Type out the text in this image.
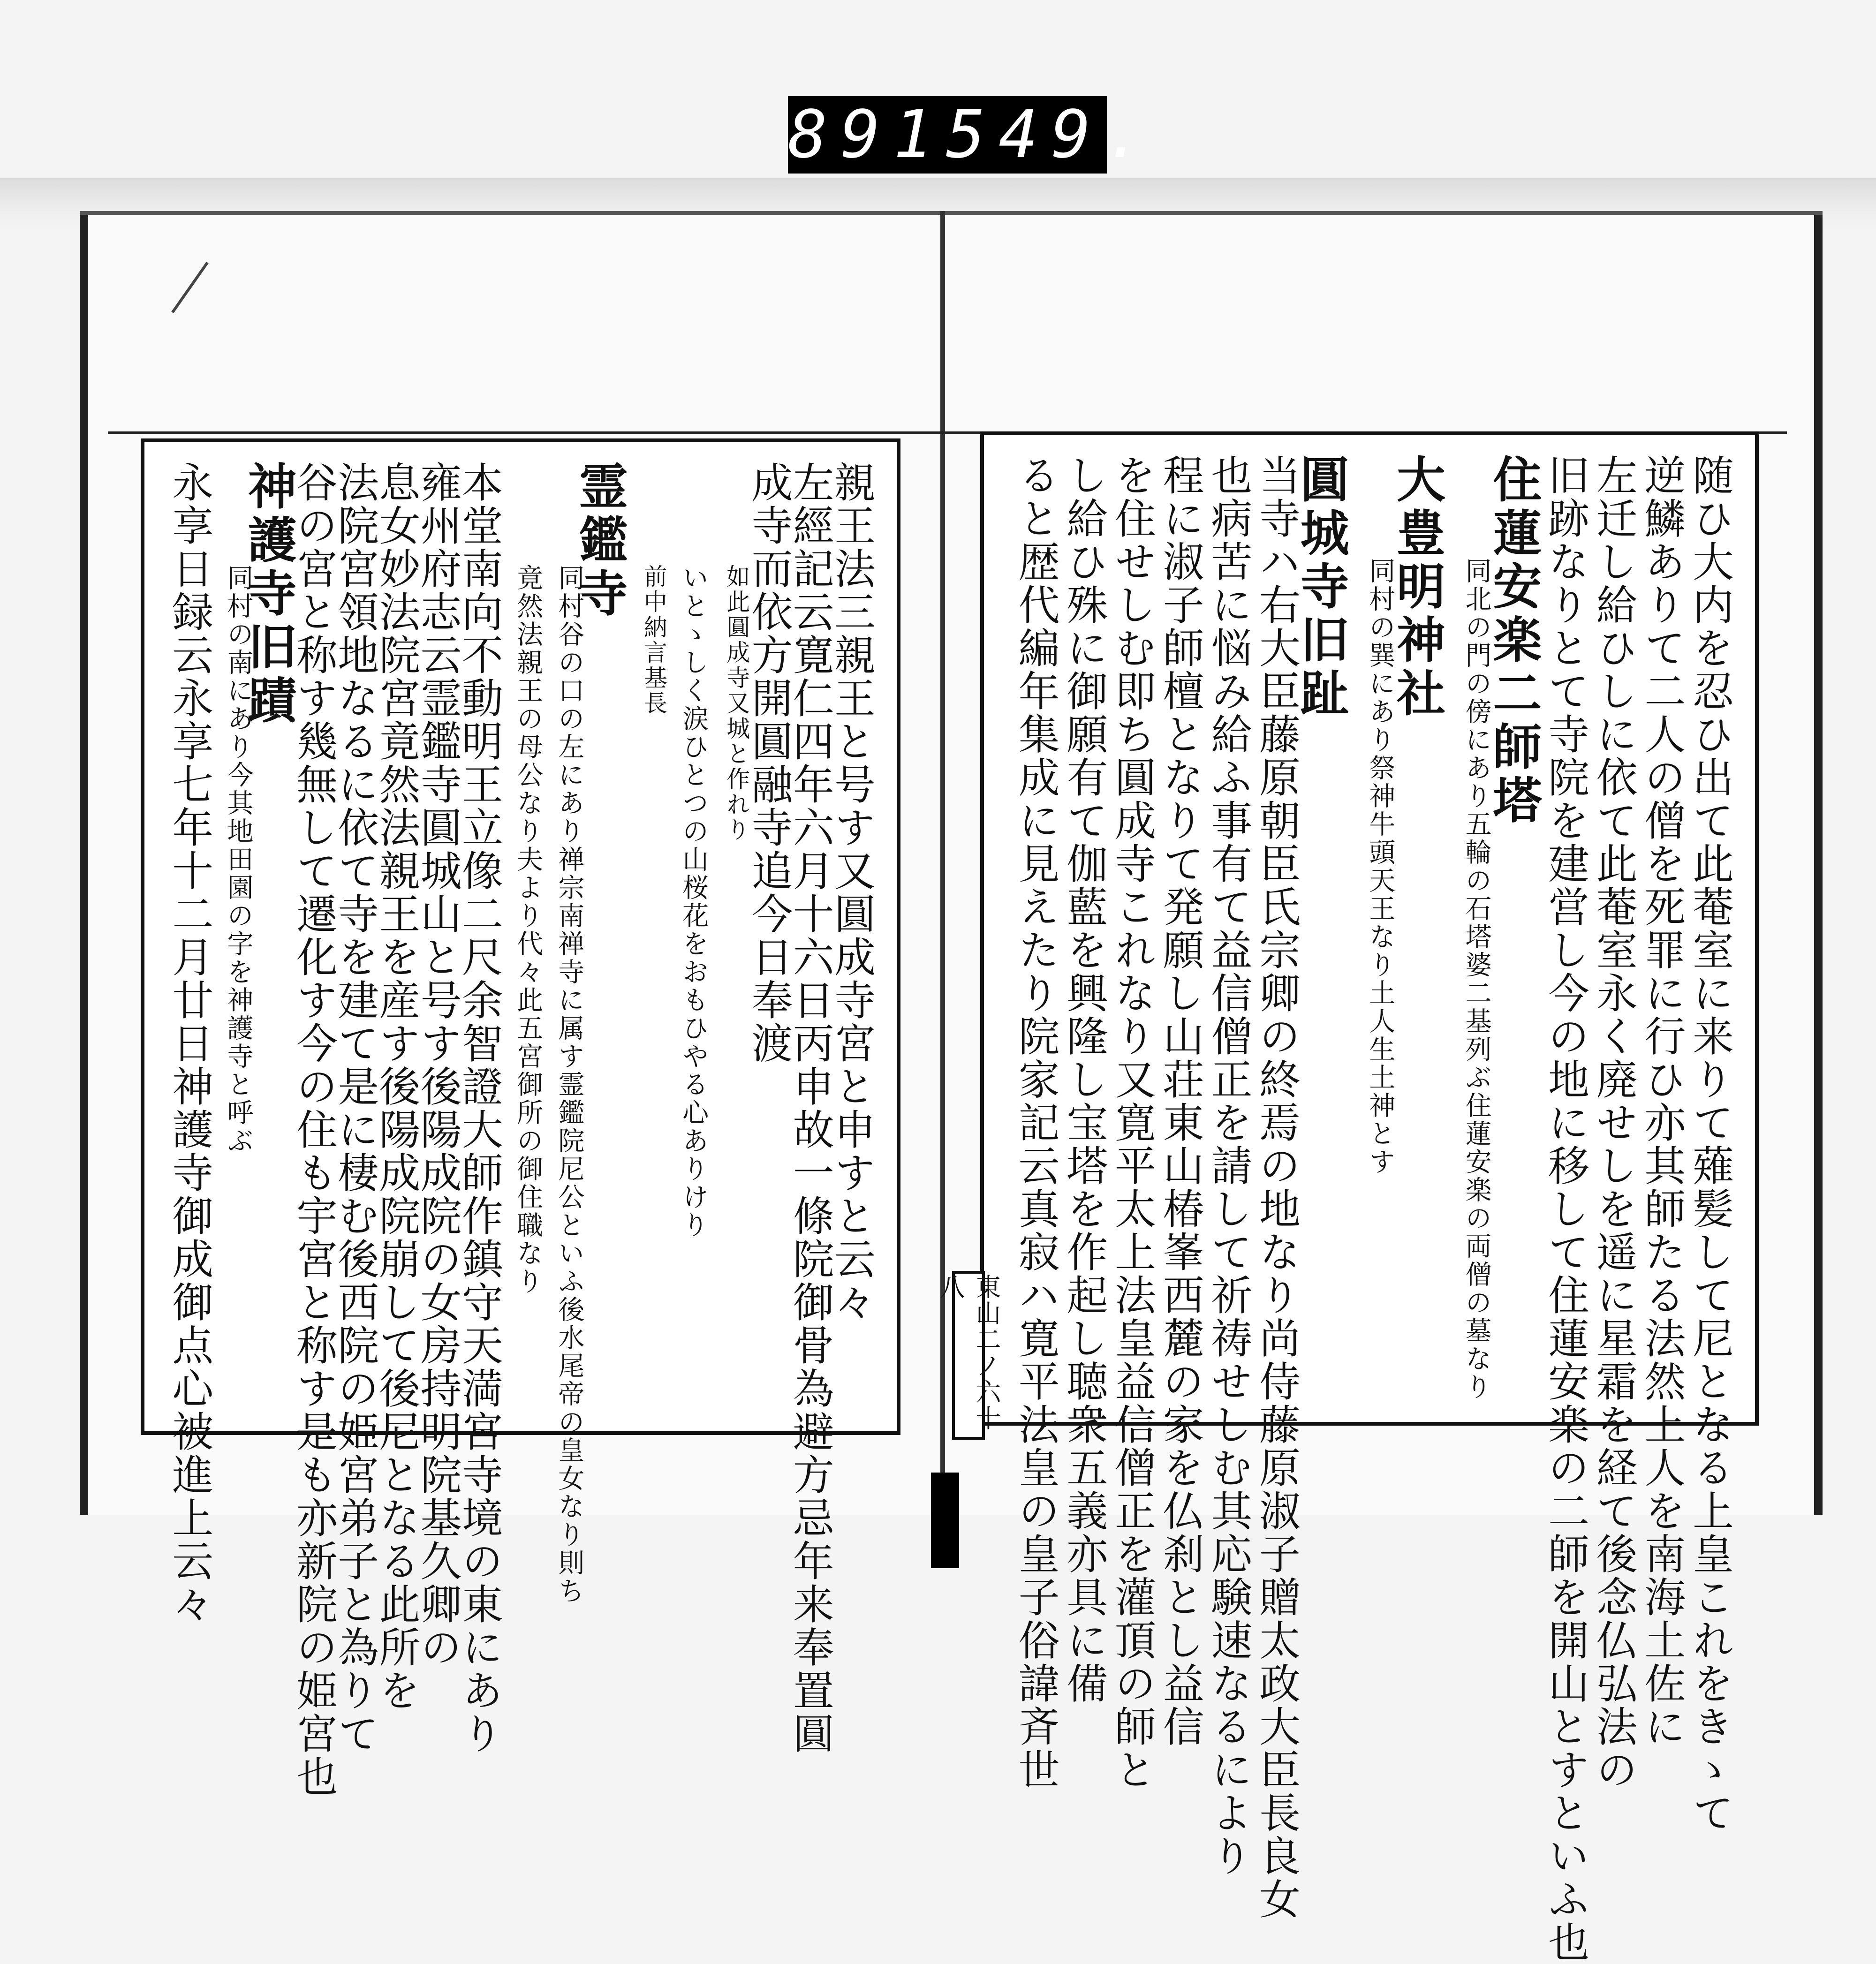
891 549.
親王法三親王と号す又圓成寺宮と申すと云々
左經記云寛仁四年六月十六日丙申故一條院御骨為避方忌年来奉置圓
成寺而依方開圓融寺追今日奉渡
如此圓成寺又城と作れり
いとゝしく涙ひとつの山桜花をおもひやる心ありけり
前中納言基長
霊鑑寺
同村谷の口の左にあり禅宗南禅寺に属す霊鑑院尼公といふ後水尾帝の皇女なり則ち
竟然法親王の母公なり夫より代々此五宮御所の御住職なり
本堂南向不動明王立像二尺余智證大師作鎮守天満宮寺境の東にあり
雍州府志云霊鑑寺圓城山と号す後陽成院の女房持明院基久卿の
息女妙法院宮竟然法親王を産す後陽成院崩して後尼となる此所を
法院宮領地なるに依て寺を建て是に棲む後西院の姫宮弟子と為りて
谷の宮と称す幾無して遷化す今の住も宇宮と称す是も亦新院の姫宮也
神護寺旧蹟
同村の南にあり今其地田園の字を神護寺と呼ぶ
永享日録云永享七年十二月廿日神護寺御成御点心被進上云々	随ひ大内を忍ひ出て此菴室に来りて薙髪して尼となる上皇これをきゝて
逆鱗ありて二人の僧を死罪に行ひ亦其師たる法然上人を南海土佐に
左迁し給ひしに依て此菴室永く廃せしを遥に星霜を経て後念仏弘法の
旧跡なりとて寺院を建営し今の地に移して住蓮安楽の二師を開山とすといふ也
住蓮安楽二師塔
同北の門の傍にあり五輪の石塔婆二基列ぶ住蓮安楽の両僧の墓なり
大豊明神社
同村の巽にあり祭神牛頭天王なり土人生土神とす
圓城寺旧趾
当寺ハ右大臣藤原朝臣氏宗卿の終焉の地なり尚侍藤原淑子贈太政大臣長良女
也病苦に悩み給ふ事有て益信僧正を請して祈祷せしむ其応験速なるにより
程に淑子師檀となりて発願し山荘東山椿峯西麓の家を仏刹とし益信
を住せしむ即ち圓成寺これなり又寛平太上法皇益信僧正を灌頂の師と
し給ひ殊に御願有て伽藍を興隆し宝塔を作起し聴衆五義亦具に備
ると歴代編年集成に見えたり院家記云真寂ハ寛平法皇の皇子俗諱斉世
東山二ノ六十八
